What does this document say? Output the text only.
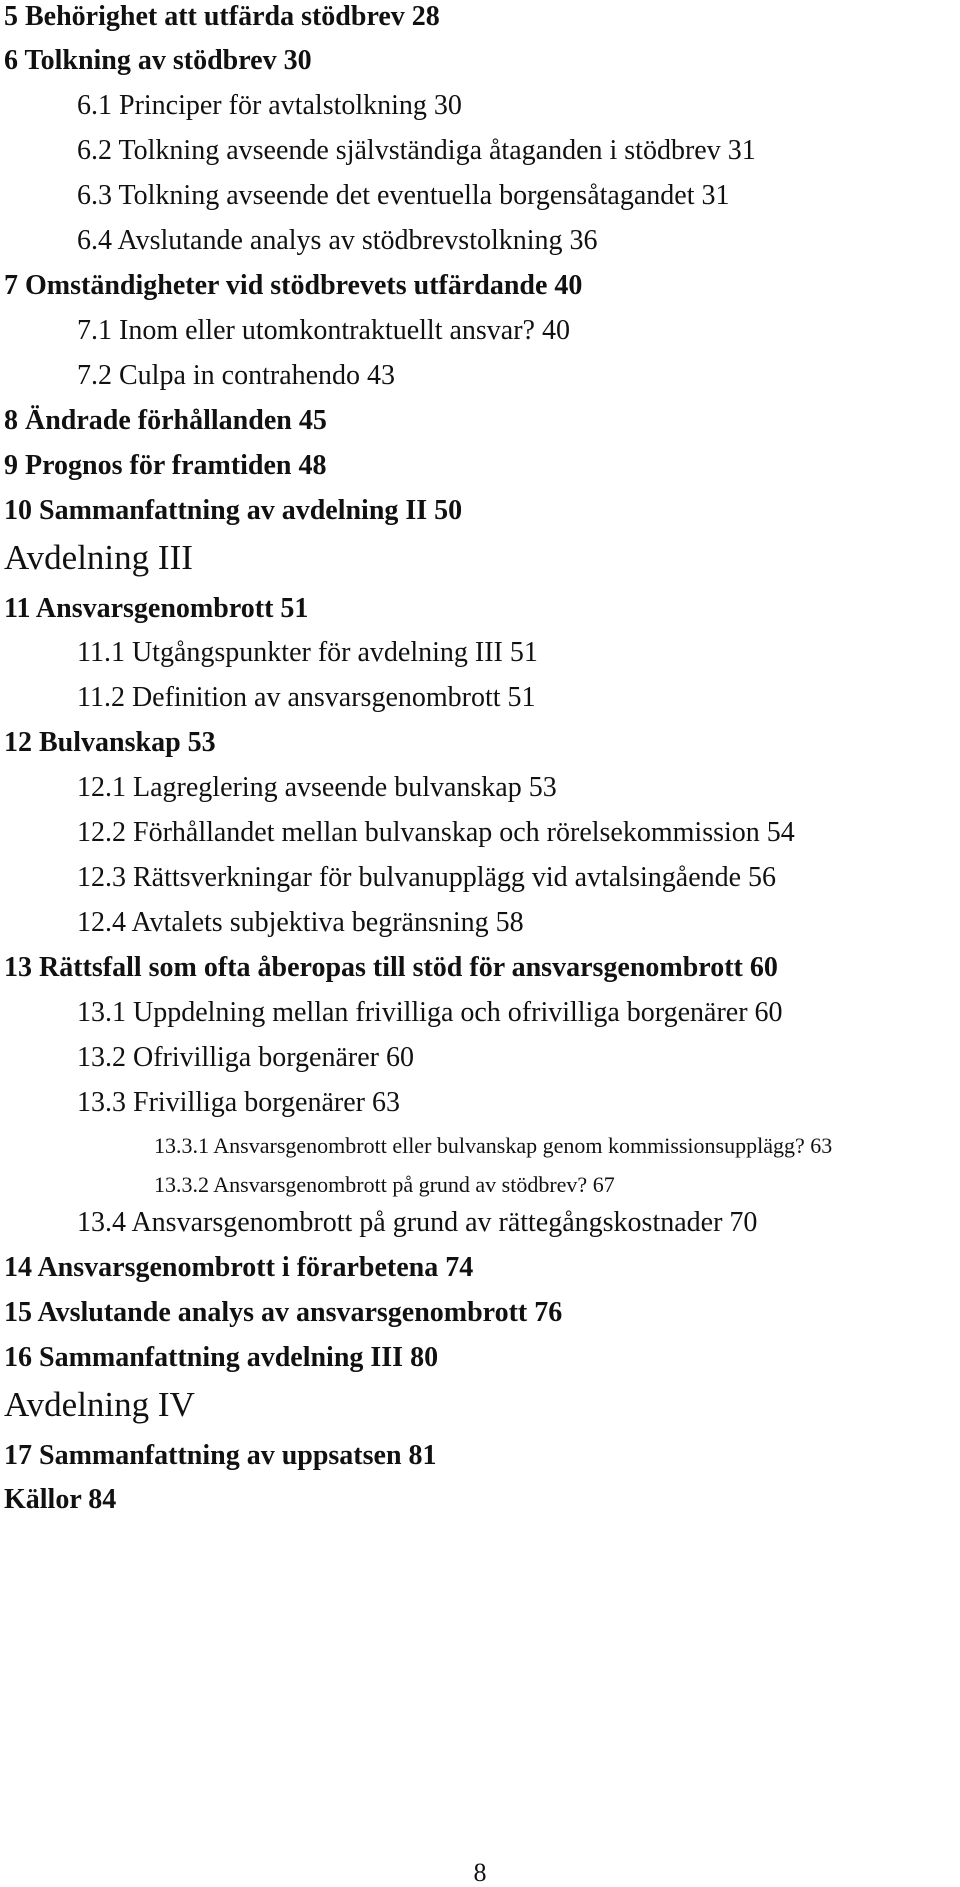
5 Behörighet att utfärda stödbrev 28
6 Tolkning av stödbrev 30
6.1 Principer för avtalstolkning 30
6.2 Tolkning avseende självständiga åtaganden i stödbrev 31
6.3 Tolkning avseende det eventuella borgensåtagandet 31
6.4 Avslutande analys av stödbrevstolkning 36
7 Omständigheter vid stödbrevets utfärdande 40
7.1 Inom eller utomkontraktuellt ansvar? 40
7.2 Culpa in contrahendo 43
8 Ändrade förhållanden 45
9 Prognos för framtiden 48
10 Sammanfattning av avdelning II 50
Avdelning III
11 Ansvarsgenombrott 51
11.1 Utgångspunkter för avdelning III 51
11.2 Definition av ansvarsgenombrott 51
12 Bulvanskap 53
12.1 Lagreglering avseende bulvanskap 53
12.2 Förhållandet mellan bulvanskap och rörelsekommission 54
12.3 Rättsverkningar för bulvanupplägg vid avtalsingående 56
12.4 Avtalets subjektiva begränsning 58
13 Rättsfall som ofta åberopas till stöd för ansvarsgenombrott 60
13.1 Uppdelning mellan frivilliga och ofrivilliga borgenärer 60
13.2 Ofrivilliga borgenärer 60
13.3 Frivilliga borgenärer 63
13.3.1 Ansvarsgenombrott eller bulvanskap genom kommissionsupplägg? 63
13.3.2 Ansvarsgenombrott på grund av stödbrev? 67
13.4 Ansvarsgenombrott på grund av rättegångskostnader 70
14 Ansvarsgenombrott i förarbetena 74
15 Avslutande analys av ansvarsgenombrott 76
16 Sammanfattning avdelning III 80
Avdelning IV
17 Sammanfattning av uppsatsen 81
Källor 84
8
